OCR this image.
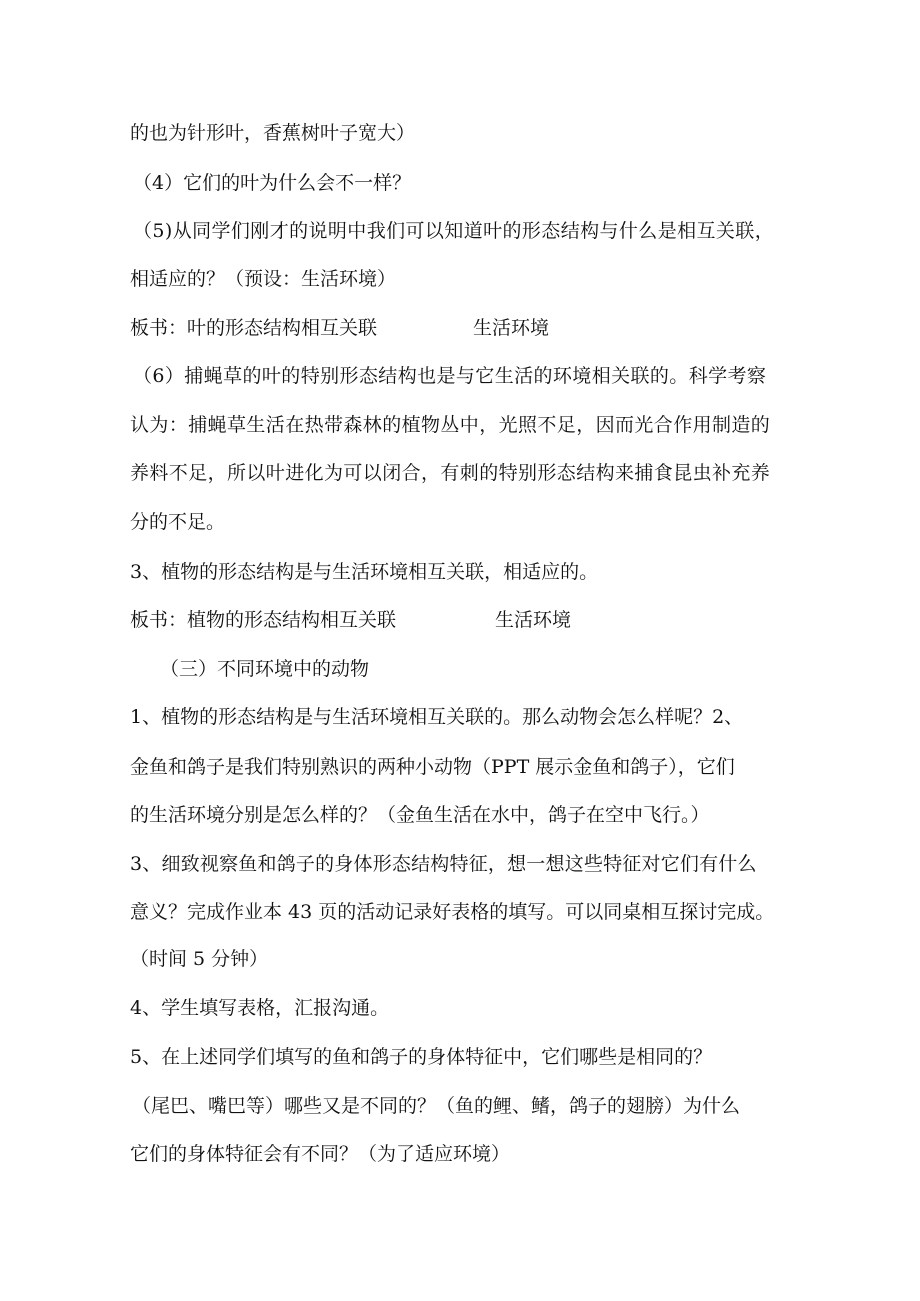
的也为针形叶，香蕉树叶子宽大）

（4）它们的叶为什么会不一样？

（5)从同学们刚才的说明中我们可以知道叶的形态结构与什么是相互关联，

相适应的？（预设：生活环境）

板书：叶的形态结构相互关联	生活环境

（6）捕蝇草的叶的特别形态结构也是与它生活的环境相关联的。科学考察

认为：捕蝇草生活在热带森林的植物丛中，光照不足，因而光合作用制造的

养料不足，所以叶进化为可以闭合，有刺的特别形态结构来捕食昆虫补充养

分的不足。

3、植物的形态结构是与生活环境相互关联，相适应的。

板书：植物的形态结构相互关联	生活环境

（三）不同环境中的动物

1、植物的形态结构是与生活环境相互关联的。那么动物会怎么样呢？2、

金鱼和鸽子是我们特别熟识的两种小动物（PPT 展示金鱼和鸽子），它们

的生活环境分别是怎么样的？（金鱼生活在水中，鸽子在空中飞行。）

3、细致视察鱼和鸽子的身体形态结构特征，想一想这些特征对它们有什么

意义？完成作业本 43 页的活动记录好表格的填写。可以同桌相互探讨完成。

（时间 5 分钟）

4、学生填写表格，汇报沟通。

5、在上述同学们填写的鱼和鸽子的身体特征中，它们哪些是相同的？

（尾巴、嘴巴等）哪些又是不同的？（鱼的鲤、鳍，鸽子的翅膀）为什么

它们的身体特征会有不同？（为了适应环境）
